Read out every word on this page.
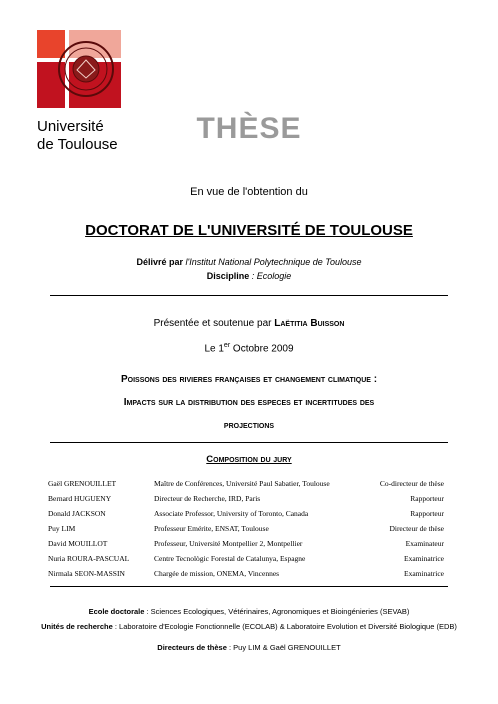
Université
de Toulouse	THÈSE
En vue de l'obtention du
DOCTORAT DE L'UNIVERSITÉ DE TOULOUSE
Délivré par l'Institut National Polytechnique de Toulouse
Discipline : Ecologie
Présentée et soutenue par Laëtitia Buisson
Le 1er Octobre 2009
Poissons des rivieres françaises et changement climatique :
Impacts sur la distribution des especes et incertitudes des
projections
Composition du jury
Gaël GRENOUILLET	Maître de Conférences, Université Paul Sabatier, Toulouse	Co-directeur de thèse
Bernard HUGUENY	Directeur de Recherche, IRD, Paris	Rapporteur
Donald JACKSON	Associate Professor, University of Toronto, Canada	Rapporteur
Puy LIM	Professeur Emérite, ENSAT, Toulouse	Directeur de thèse
David MOUILLOT	Professeur, Université Montpellier 2, Montpellier	Examinateur
Nuria ROURA-PASCUAL	Centre Tecnològic Forestal de Catalunya, Espagne	Examinatrice
Nirmala SEON-MASSIN	Chargée de mission, ONEMA, Vincennes	Examinatrice
Ecole doctorale : Sciences Ecologiques, Vétérinaires, Agronomiques et Bioingénieries (SEVAB)
Unités de recherche : Laboratoire d'Ecologie Fonctionnelle (ECOLAB) & Laboratoire Evolution et Diversité Biologique (EDB)
Directeurs de thèse : Puy LIM & Gaël GRENOUILLET
